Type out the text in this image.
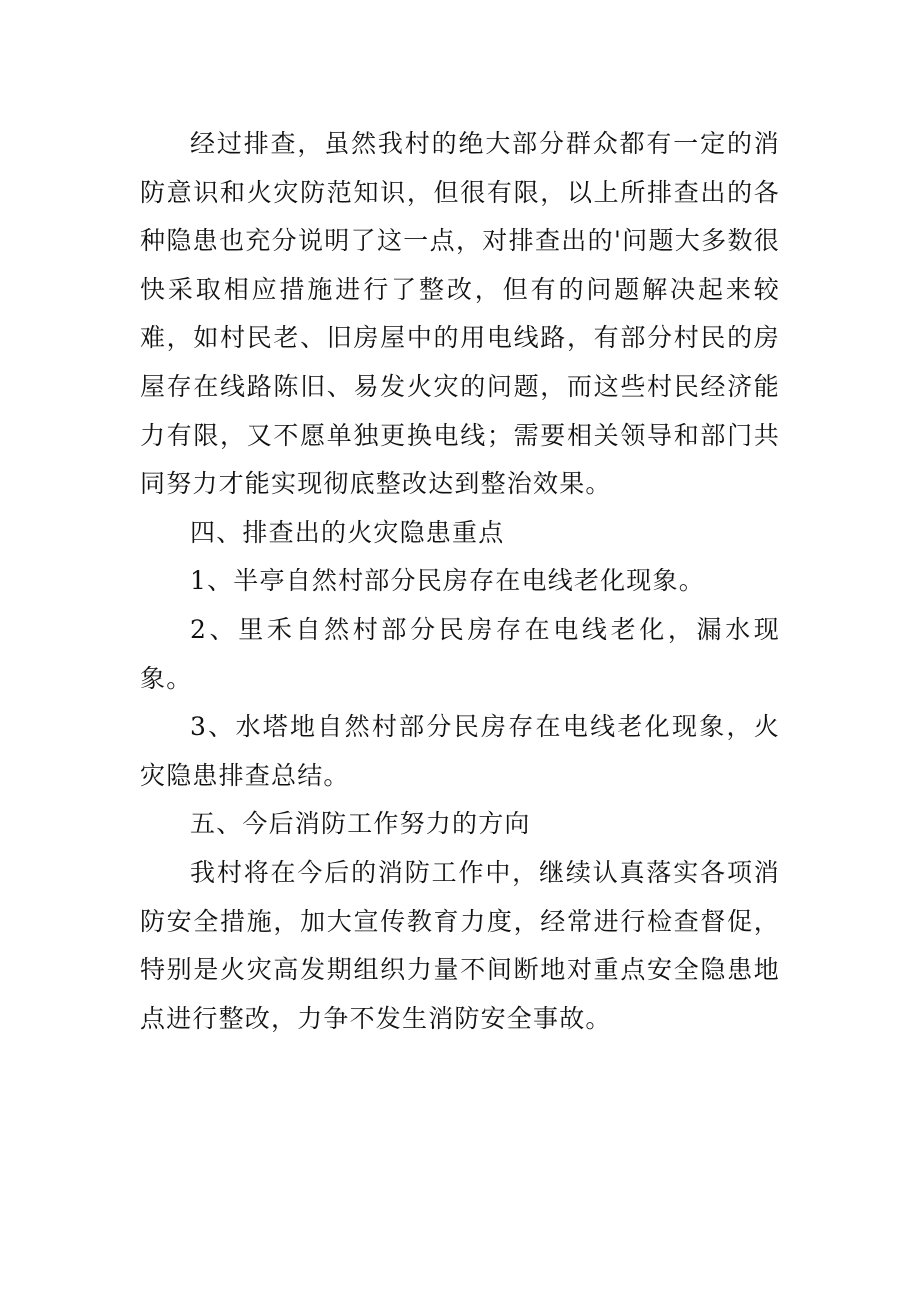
经过排查，虽然我村的绝大部分群众都有一定的消防意识和火灾防范知识，但很有限，以上所排查出的各种隐患也充分说明了这一点，对排查出的'问题大多数很快采取相应措施进行了整改，但有的问题解决起来较难，如村民老、旧房屋中的用电线路，有部分村民的房屋存在线路陈旧、易发火灾的问题，而这些村民经济能力有限，又不愿单独更换电线；需要相关领导和部门共同努力才能实现彻底整改达到整治效果。

四、排查出的火灾隐患重点

1、半亭自然村部分民房存在电线老化现象。

2、里禾自然村部分民房存在电线老化，漏水现象。

3、水塔地自然村部分民房存在电线老化现象，火灾隐患排查总结。

五、今后消防工作努力的方向

我村将在今后的消防工作中，继续认真落实各项消防安全措施，加大宣传教育力度，经常进行检查督促，特别是火灾高发期组织力量不间断地对重点安全隐患地点进行整改，力争不发生消防安全事故。
